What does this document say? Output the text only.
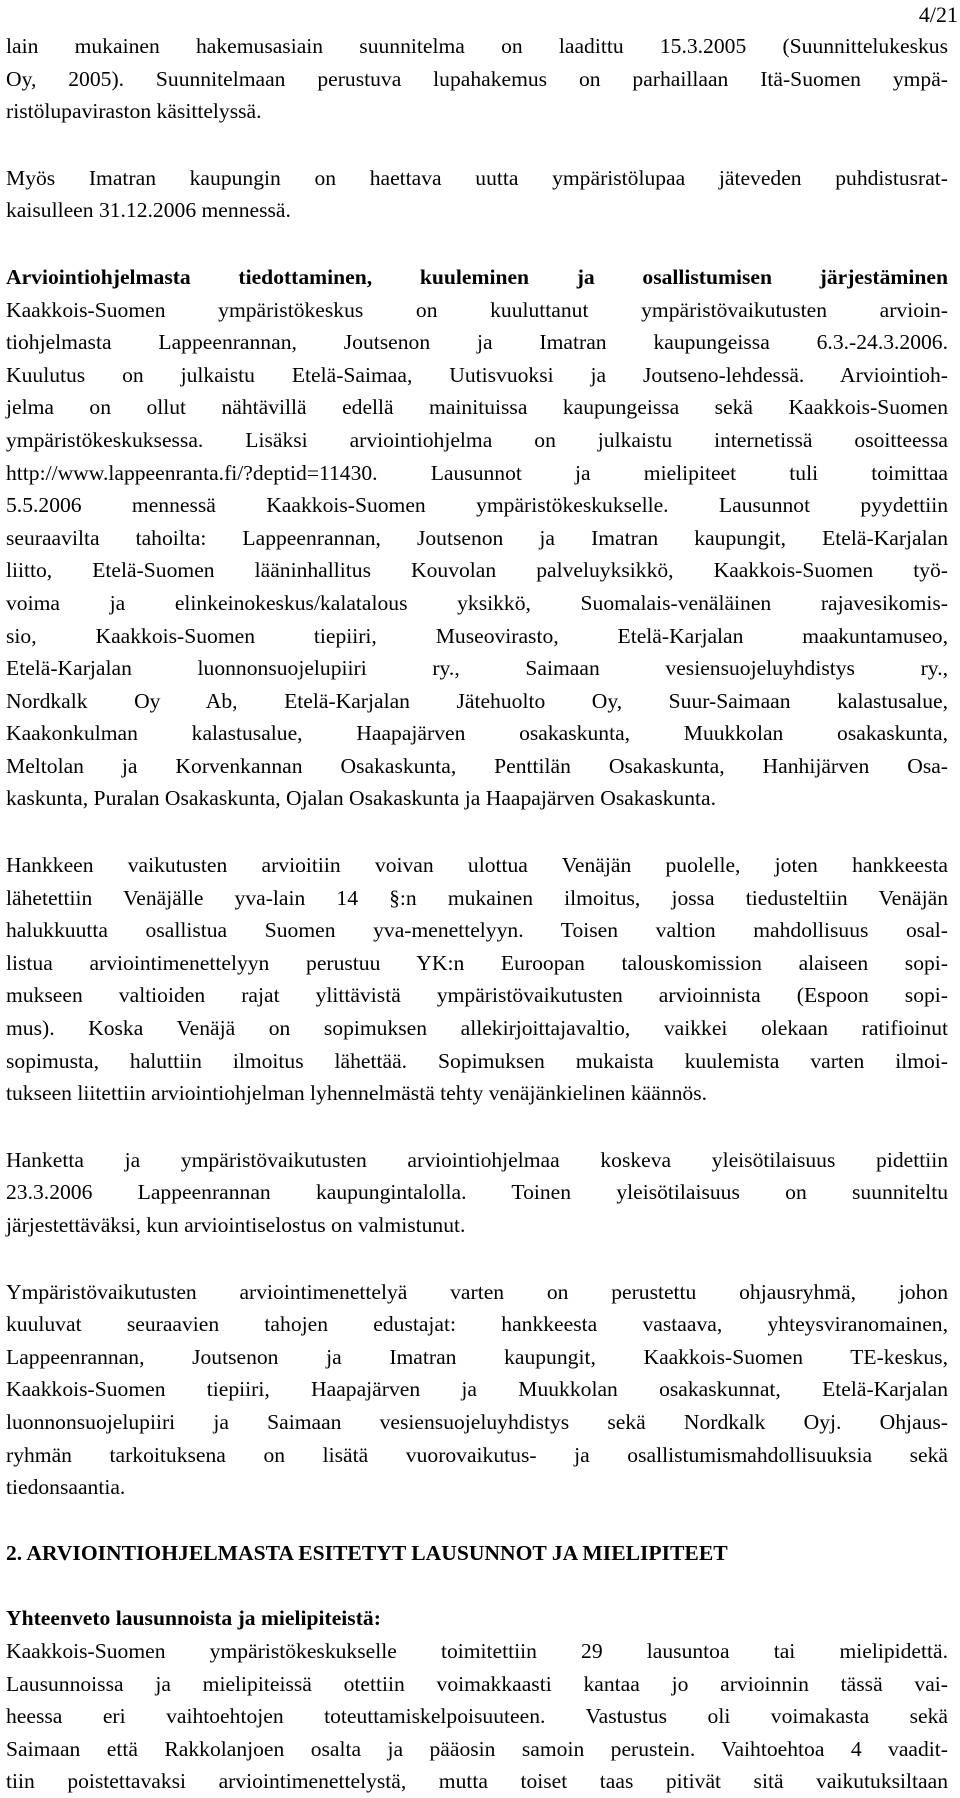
4/21

lain mukainen hakemusasiain suunnitelma on laadittu 15.3.2005 (Suunnittelukeskus
Oy, 2005). Suunnitelmaan perustuva lupahakemus on parhaillaan Itä-Suomen ympä-
ristölupaviraston käsittelyssä.

Myös Imatran kaupungin on haettava uutta ympäristölupaa jäteveden puhdistusrat-
kaisulleen 31.12.2006 mennessä.

Arviointiohjelmasta tiedottaminen, kuuleminen ja osallistumisen järjestäminen
Kaakkois-Suomen ympäristökeskus on kuuluttanut ympäristövaikutusten arvioin-
tiohjelmasta Lappeenrannan, Joutsenon ja Imatran kaupungeissa 6.3.-24.3.2006.
Kuulutus on julkaistu Etelä-Saimaa, Uutisvuoksi ja Joutseno-lehdessä. Arviointioh-
jelma on ollut nähtävillä edellä mainituissa kaupungeissa sekä Kaakkois-Suomen
ympäristökeskuksessa. Lisäksi arviointiohjelma on julkaistu internetissä osoitteessa
http://www.lappeenranta.fi/?deptid=11430. Lausunnot ja mielipiteet tuli toimittaa
5.5.2006 mennessä Kaakkois-Suomen ympäristökeskukselle. Lausunnot pyydettiin
seuraavilta tahoilta: Lappeenrannan, Joutsenon ja Imatran kaupungit, Etelä-Karjalan
liitto, Etelä-Suomen lääninhallitus Kouvolan palveluyksikkö, Kaakkois-Suomen työ-
voima ja elinkeinokeskus/kalatalous yksikkö, Suomalais-venäläinen rajavesikomis-
sio, Kaakkois-Suomen tiepiiri, Museovirasto, Etelä-Karjalan maakuntamuseo,
Etelä-Karjalan luonnonsuojelupiiri ry., Saimaan vesiensuojeluyhdistys ry.,
Nordkalk Oy Ab, Etelä-Karjalan Jätehuolto Oy, Suur-Saimaan kalastusalue,
Kaakonkulman kalastusalue, Haapajärven osakaskunta, Muukkolan osakaskunta,
Meltolan ja Korvenkannan Osakaskunta, Penttilän Osakaskunta, Hanhijärven Osa-
kaskunta, Puralan Osakaskunta, Ojalan Osakaskunta ja Haapajärven Osakaskunta.

Hankkeen vaikutusten arvioitiin voivan ulottua Venäjän puolelle, joten hankkeesta
lähetettiin Venäjälle yva-lain 14 §:n mukainen ilmoitus, jossa tiedusteltiin Venäjän
halukkuutta osallistua Suomen yva-menettelyyn. Toisen valtion mahdollisuus osal-
listua arviointimenettelyyn perustuu YK:n Euroopan talouskomission alaiseen sopi-
mukseen valtioiden rajat ylittävistä ympäristövaikutusten arvioinnista (Espoon sopi-
mus). Koska Venäjä on sopimuksen allekirjoittajavaltio, vaikkei olekaan ratifioinut
sopimusta, haluttiin ilmoitus lähettää. Sopimuksen mukaista kuulemista varten ilmoi-
tukseen liitettiin arviointiohjelman lyhennelmästä tehty venäjänkielinen käännös.

Hanketta ja ympäristövaikutusten arviointiohjelmaa koskeva yleisötilaisuus pidettiin
23.3.2006 Lappeenrannan kaupungintalolla. Toinen yleisötilaisuus on suunniteltu
järjestettäväksi, kun arviointiselostus on valmistunut.

Ympäristövaikutusten arviointimenettelyä varten on perustettu ohjausryhmä, johon
kuuluvat seuraavien tahojen edustajat: hankkeesta vastaava, yhteysviranomainen,
Lappeenrannan, Joutsenon ja Imatran kaupungit, Kaakkois-Suomen TE-keskus,
Kaakkois-Suomen tiepiiri, Haapajärven ja Muukkolan osakaskunnat, Etelä-Karjalan
luonnonsuojelupiiri ja Saimaan vesiensuojeluyhdistys sekä Nordkalk Oyj. Ohjaus-
ryhmän tarkoituksena on lisätä vuorovaikutus- ja osallistumismahdollisuuksia sekä
tiedonsaantia.

2. ARVIOINTIOHJELMASTA ESITETYT LAUSUNNOT JA MIELIPITEET

Yhteenveto lausunnoista ja mielipiteistä:
Kaakkois-Suomen ympäristökeskukselle toimitettiin 29 lausuntoa tai mielipidettä.
Lausunnoissa ja mielipiteissä otettiin voimakkaasti kantaa jo arvioinnin tässä vai-
heessa eri vaihtoehtojen toteuttamiskelpoisuuteen. Vastustus oli voimakasta sekä
Saimaan että Rakkolanjoen osalta ja pääosin samoin perustein. Vaihtoehtoa 4 vaadit-
tiin poistettavaksi arviointimenettelystä, mutta toiset taas pitivät sitä vaikutuksiltaan
